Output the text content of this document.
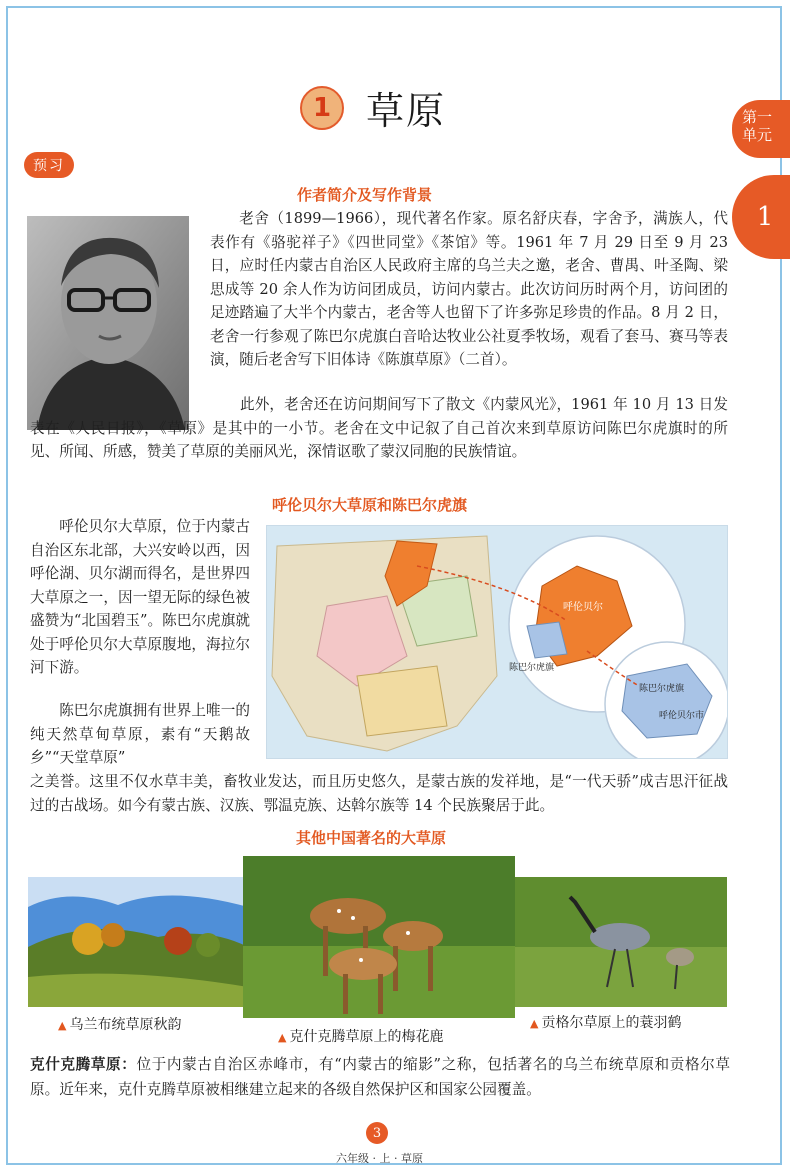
1 草原	第一
单元
1
预习
作者简介及写作背景
老舍（1899—1966），现代著名作家。原名舒庆春，字舍予，满族人，代表作有《骆驼祥子》《四世同堂》《茶馆》等。1961 年 7 月 29 日至 9 月 23 日，应时任内蒙古自治区人民政府主席的乌兰夫之邀，老舍、曹禺、叶圣陶、梁思成等 20 余人作为访问团成员，访问内蒙古。此次访问历时两个月，访问团的足迹踏遍了大半个内蒙古，老舍等人也留下了许多弥足珍贵的作品。8 月 2 日，老舍一行参观了陈巴尔虎旗白音哈达牧业公社夏季牧场，观看了套马、赛马等表演，随后老舍写下旧体诗《陈旗草原》（二首）。
此外，老舍还在访问期间写下了散文《内蒙风光》，1961 年 10 月 13 日发表在《人民日报》，《草原》是其中的一小节。老舍在文中记叙了自己首次来到草原访问陈巴尔虎旗时的所见、所闻、所感，赞美了草原的美丽风光，深情讴歌了蒙汉同胞的民族情谊。
呼伦贝尔大草原和陈巴尔虎旗
呼伦贝尔大草原，位于内蒙古自治区东北部，大兴安岭以西，因呼伦湖、贝尔湖而得名，是世界四大草原之一，因一望无际的绿色被盛赞为“北国碧玉”。陈巴尔虎旗就处于呼伦贝尔大草原腹地，海拉尔河下游。
陈巴尔虎旗拥有世界上唯一的纯天然草甸草原，素有“天鹅故乡”“天堂草原”
之美誉。这里不仅水草丰美，畜牧业发达，而且历史悠久，是蒙古族的发祥地，是“一代天骄”成吉思汗征战过的古战场。如今有蒙古族、汉族、鄂温克族、达斡尔族等 14 个民族聚居于此。
呼伦贝尔
陈巴尔虎旗
陈巴尔虎旗
呼伦贝尔市
其他中国著名的大草原
▲ 乌兰布统草原秋韵
▲ 克什克腾草原上的梅花鹿
▲ 贡格尔草原上的蓑羽鹤
克什克腾草原：位于内蒙古自治区赤峰市，有“内蒙古的缩影”之称，包括著名的乌兰布统草原和贡格尔草原。近年来，克什克腾草原被相继建立起来的各级自然保护区和国家公园覆盖。
3
六年级 · 上 · 草原
